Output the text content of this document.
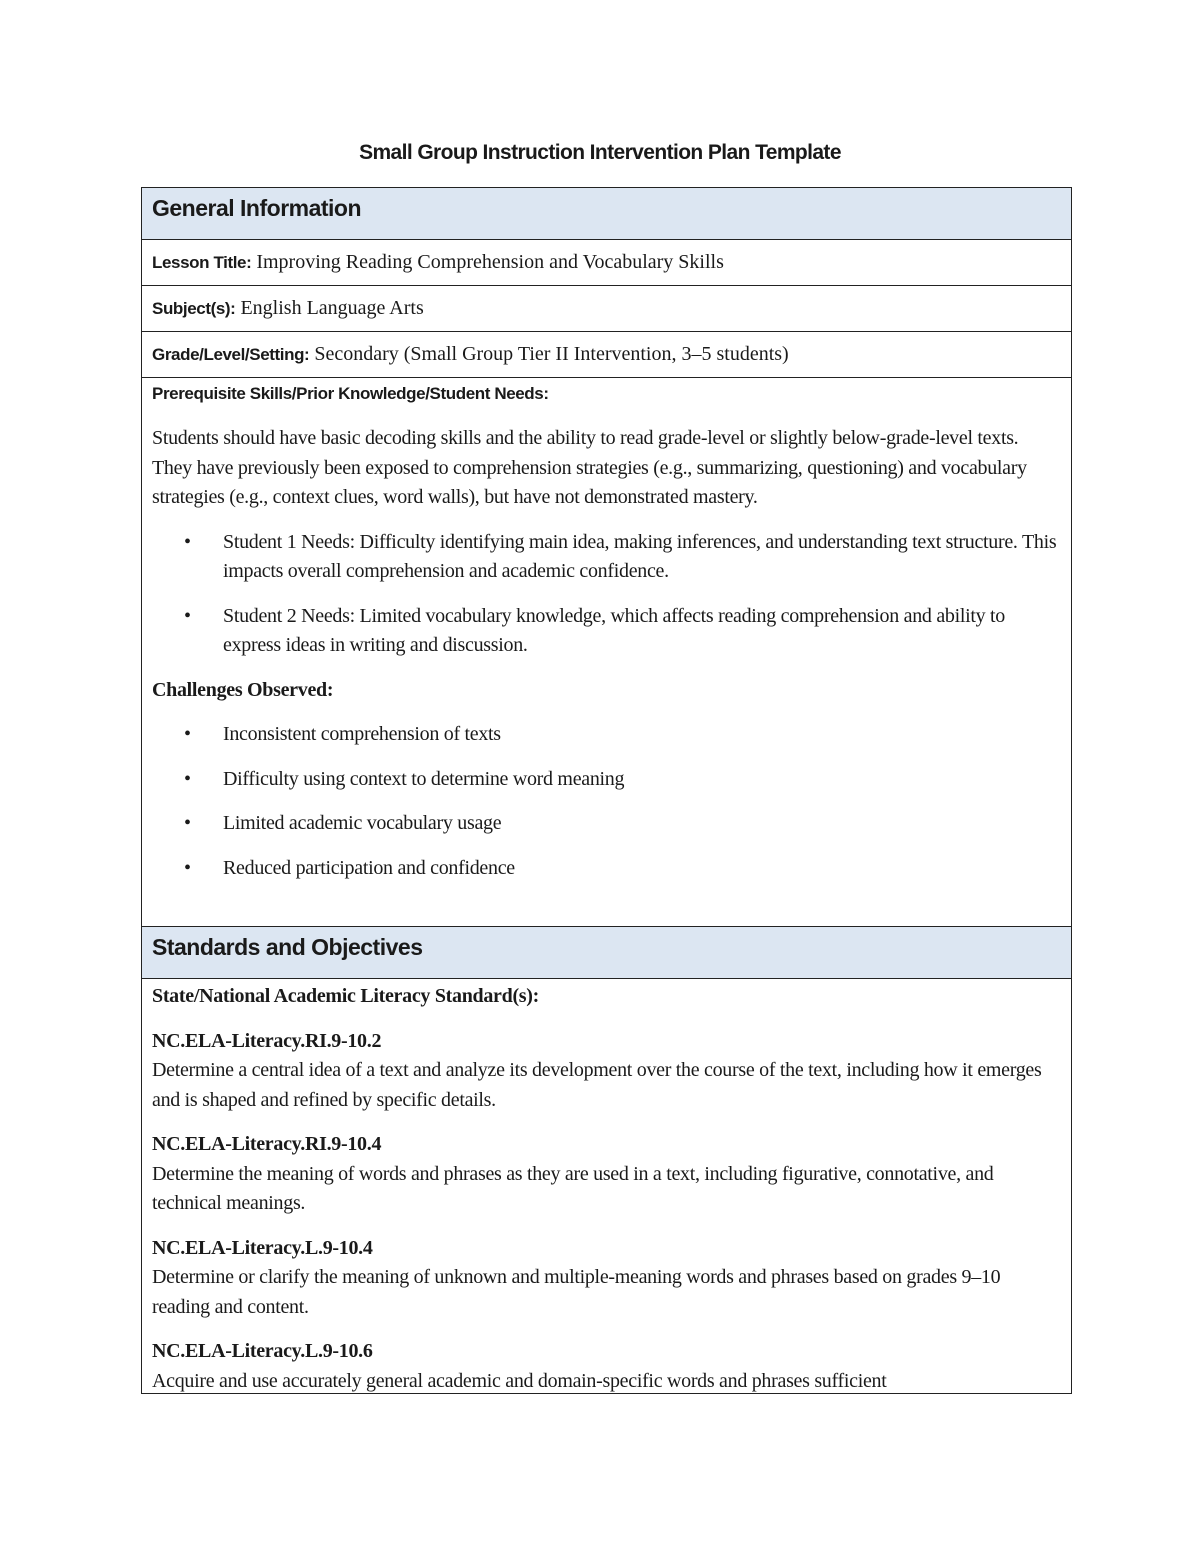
Small Group Instruction Intervention Plan Template
General Information
Lesson Title: Improving Reading Comprehension and Vocabulary Skills
Subject(s): English Language Arts
Grade/Level/Setting: Secondary (Small Group Tier II Intervention, 3–5 students)
Prerequisite Skills/Prior Knowledge/Student Needs:
Students should have basic decoding skills and the ability to read grade-level or slightly below-grade-level texts. They have previously been exposed to comprehension strategies (e.g., summarizing, questioning) and vocabulary strategies (e.g., context clues, word walls), but have not demonstrated mastery.
• Student 1 Needs: Difficulty identifying main idea, making inferences, and understanding text structure. This impacts overall comprehension and academic confidence.
• Student 2 Needs: Limited vocabulary knowledge, which affects reading comprehension and ability to express ideas in writing and discussion.
Challenges Observed:
• Inconsistent comprehension of texts
• Difficulty using context to determine word meaning
• Limited academic vocabulary usage
• Reduced participation and confidence
Standards and Objectives
State/National Academic Literacy Standard(s):
NC.ELA-Literacy.RI.9-10.2
Determine a central idea of a text and analyze its development over the course of the text, including how it emerges and is shaped and refined by specific details.
NC.ELA-Literacy.RI.9-10.4
Determine the meaning of words and phrases as they are used in a text, including figurative, connotative, and technical meanings.
NC.ELA-Literacy.L.9-10.4
Determine or clarify the meaning of unknown and multiple-meaning words and phrases based on grades 9–10 reading and content.
NC.ELA-Literacy.L.9-10.6
Acquire and use accurately general academic and domain-specific words and phrases sufficient
